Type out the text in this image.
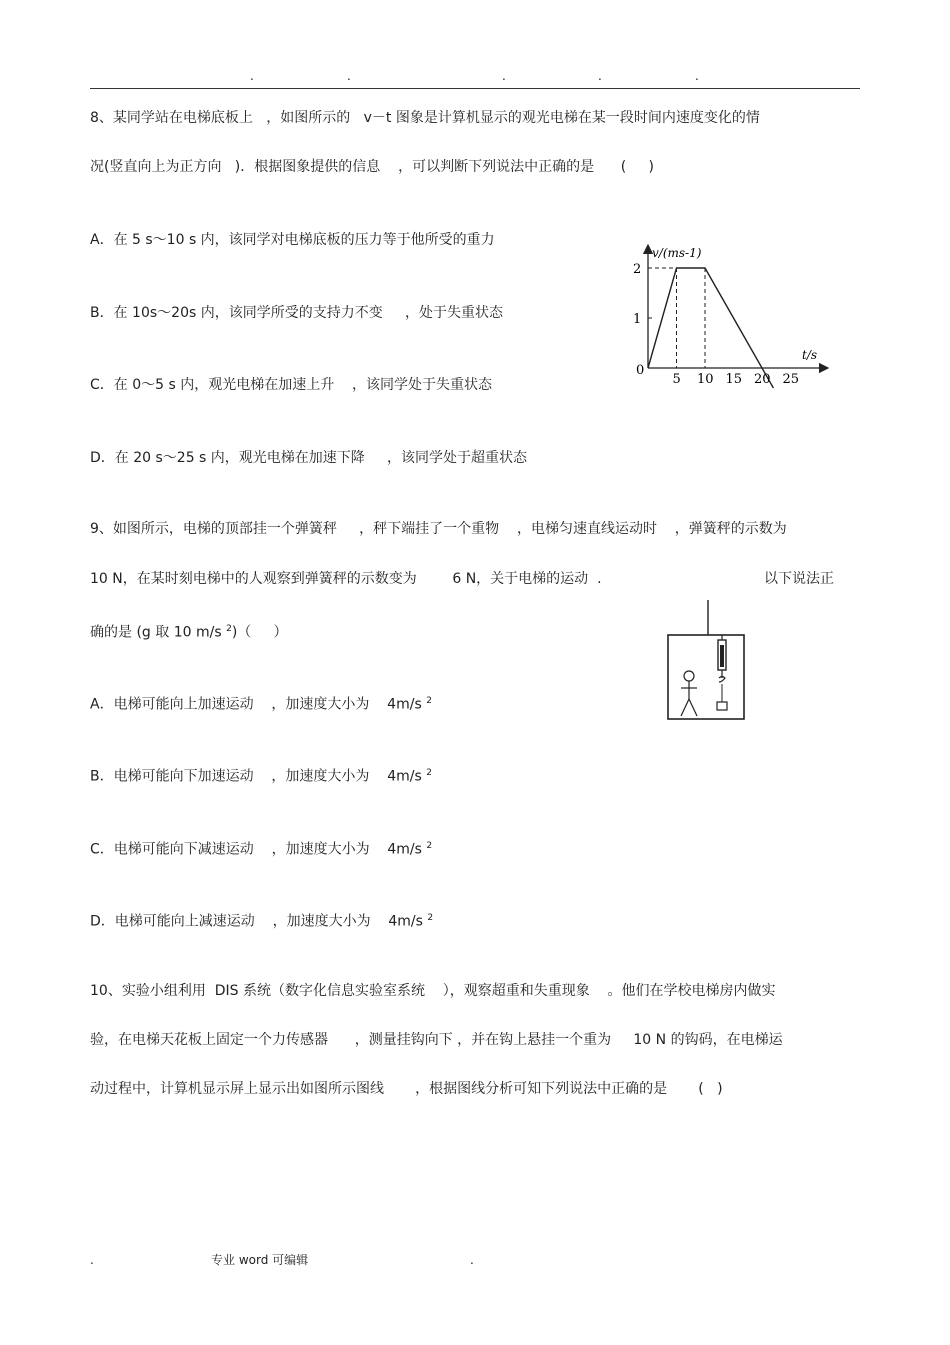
.	.	.	.	.
8、某同学站在电梯底板上   ，如图所示的   v－t 图象是计算机显示的观光电梯在某一段时间内速度变化的情
况(竖直向上为正方向   )．根据图象提供的信息    ，可以判断下列说法中正确的是      (     )
A．在 5 s～10 s 内，该同学对电梯底板的压力等于他所受的重力
B．在 10s～20s 内，该同学所受的支持力不变     ，处于失重状态
C．在 0～5 s 内，观光电梯在加速上升    ，该同学处于失重状态
D．在 20 s～25 s 内，观光电梯在加速下降     ，该同学处于超重状态
5 10 15 20 25
1
2
v/(ms-1)
t/s
0
9、如图所示，电梯的顶部挂一个弹簧秤     ，秤下端挂了一个重物    ，电梯匀速直线运动时    ，弹簧秤的示数为
10 N，在某时刻电梯中的人观察到弹簧秤的示数变为        6 N，关于电梯的运动  .	以下说法正
确的是 (g 取 10 m/s $^2$)（     ）
A．电梯可能向上加速运动    ，加速度大小为    4m/s $^2$
B．电梯可能向下加速运动    ，加速度大小为    4m/s $^2$
C．电梯可能向下减速运动    ，加速度大小为    4m/s $^2$
D．电梯可能向上减速运动    ，加速度大小为    4m/s $^2$
10、实验小组利用  DIS 系统（数字化信息实验室系统    ），观察超重和失重现象    。他们在学校电梯房内做实
验，在电梯天花板上固定一个力传感器      ，测量挂钩向下 ，并在钩上悬挂一个重为     10 N 的钩码，在电梯运
动过程中，计算机显示屏上显示出如图所示图线       ，根据图线分析可知下列说法中正确的是       (   )
.	专业 word 可编辑	.
